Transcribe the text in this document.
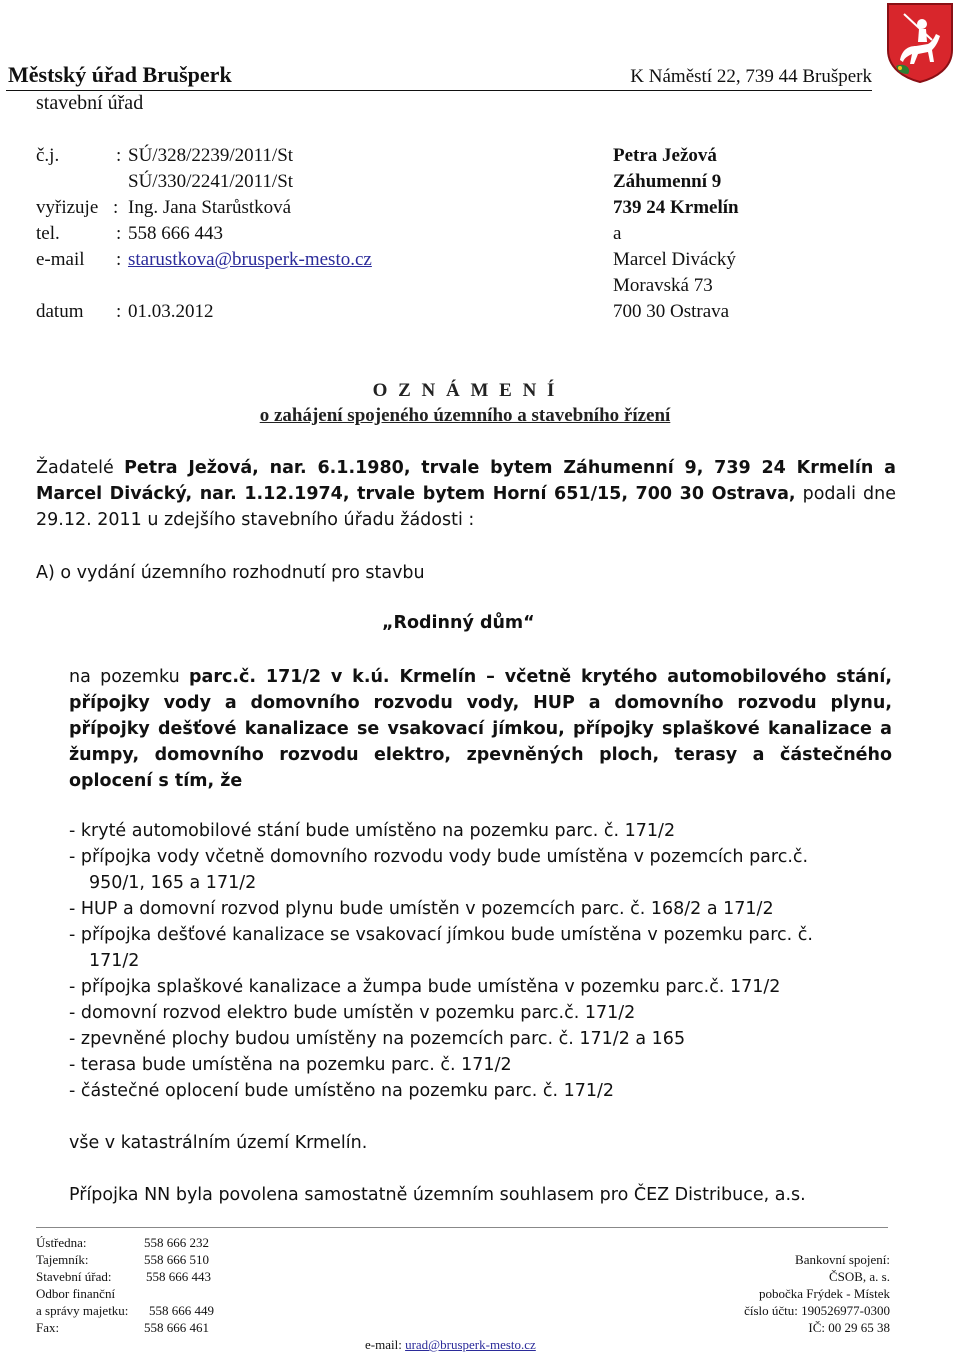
Městský úřad Brušperk	K Náměstí 22, 739 44 Brušperk
stavební úřad
č.j.	: SÚ/328/2239/2011/St
SÚ/330/2241/2011/St
vyřizuje : Ing. Jana Starůstková
tel.	: 558 666 443
e-mail : starustkova@brusperk-mesto.cz
datum : 01.03.2012
Petra Ježová
Záhumenní 9
739 24 Krmelín
a
Marcel Divácký
Moravská 73
700 30 Ostrava
O Z N Á M E N Í
o zahájení spojeného územního a stavebního řízení
Žadatelé Petra Ježová, nar. 6.1.1980, trvale bytem Záhumenní 9, 739 24 Krmelín a Marcel Divácký, nar. 1.12.1974, trvale bytem Horní 651/15, 700 30 Ostrava, podali dne 29.12. 2011 u zdejšího stavebního úřadu žádosti :
A) o vydání územního rozhodnutí pro stavbu
„Rodinný dům“
na pozemku parc.č. 171/2 v k.ú. Krmelín – včetně krytého automobilového stání, přípojky vody a domovního rozvodu vody, HUP a domovního rozvodu plynu, přípojky dešťové kanalizace se vsakovací jímkou, přípojky splaškové kanalizace a žumpy, domovního rozvodu elektro, zpevněných ploch, terasy a částečného oplocení s tím, že
- kryté automobilové stání bude umístěno na pozemku parc. č. 171/2
- přípojka vody včetně domovního rozvodu vody bude umístěna v pozemcích parc.č.
950/1, 165 a 171/2
- HUP a domovní rozvod plynu bude umístěn v pozemcích parc. č. 168/2 a 171/2
- přípojka dešťové kanalizace se vsakovací jímkou bude umístěna v pozemku parc. č.
171/2
- přípojka splaškové kanalizace a žumpa bude umístěna v pozemku parc.č. 171/2
- domovní rozvod elektro bude umístěn v pozemku parc.č. 171/2
- zpevněné plochy budou umístěny na pozemcích parc. č. 171/2 a 165
- terasa bude umístěna na pozemku parc. č. 171/2
- částečné oplocení bude umístěno na pozemku parc. č. 171/2
vše v katastrálním území Krmelín.
Přípojka NN byla povolena samostatně územním souhlasem pro ČEZ Distribuce, a.s.
Ústředna:	558 666 232
Tajemník:	558 666 510
Stavební úřad:	558 666 443
Odbor finanční
a správy majetku: 558 666 449
Fax:	558 666 461
Bankovní spojení:
ČSOB, a. s.
pobočka Frýdek - Místek
číslo účtu: 190526977-0300
IČ: 00 29 65 38
e-mail: urad@brusperk-mesto.cz
